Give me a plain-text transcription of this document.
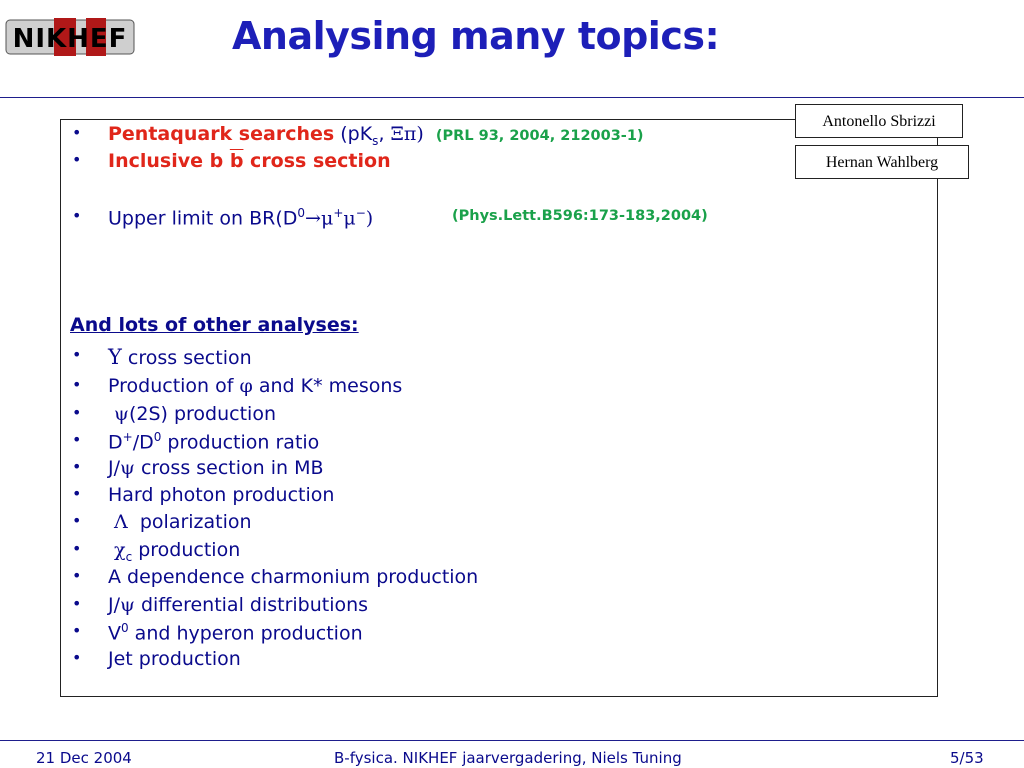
NIKHEF	Analysing many topics:
Antonello Sbrizzi
Hernan Wahlberg
• Pentaquark searches ($pK_s$, Ξπ) (PRL 93, 2004, 212003-1)
• Inclusive b $\overline{b}$ cross section
• Upper limit on $BR(D^0\to\mu^+\mu^-)$	(Phys.Lett.B596:173-183,2004)
And lots of other analyses:
• Υ cross section
• Production of φ and K* mesons
•	ψ(2S) production
• $D^+/D^0$ production ratio
• J/ψ cross section in MB
• Hard photon production
•	Λ  polarization
•	$\chi_c$ production
• A dependence charmonium production
• J/ψ differential distributions
• $V^0$ and hyperon production
• Jet production
21 Dec 2004	B-fysica. NIKHEF jaarvergadering, Niels Tuning	5/53
